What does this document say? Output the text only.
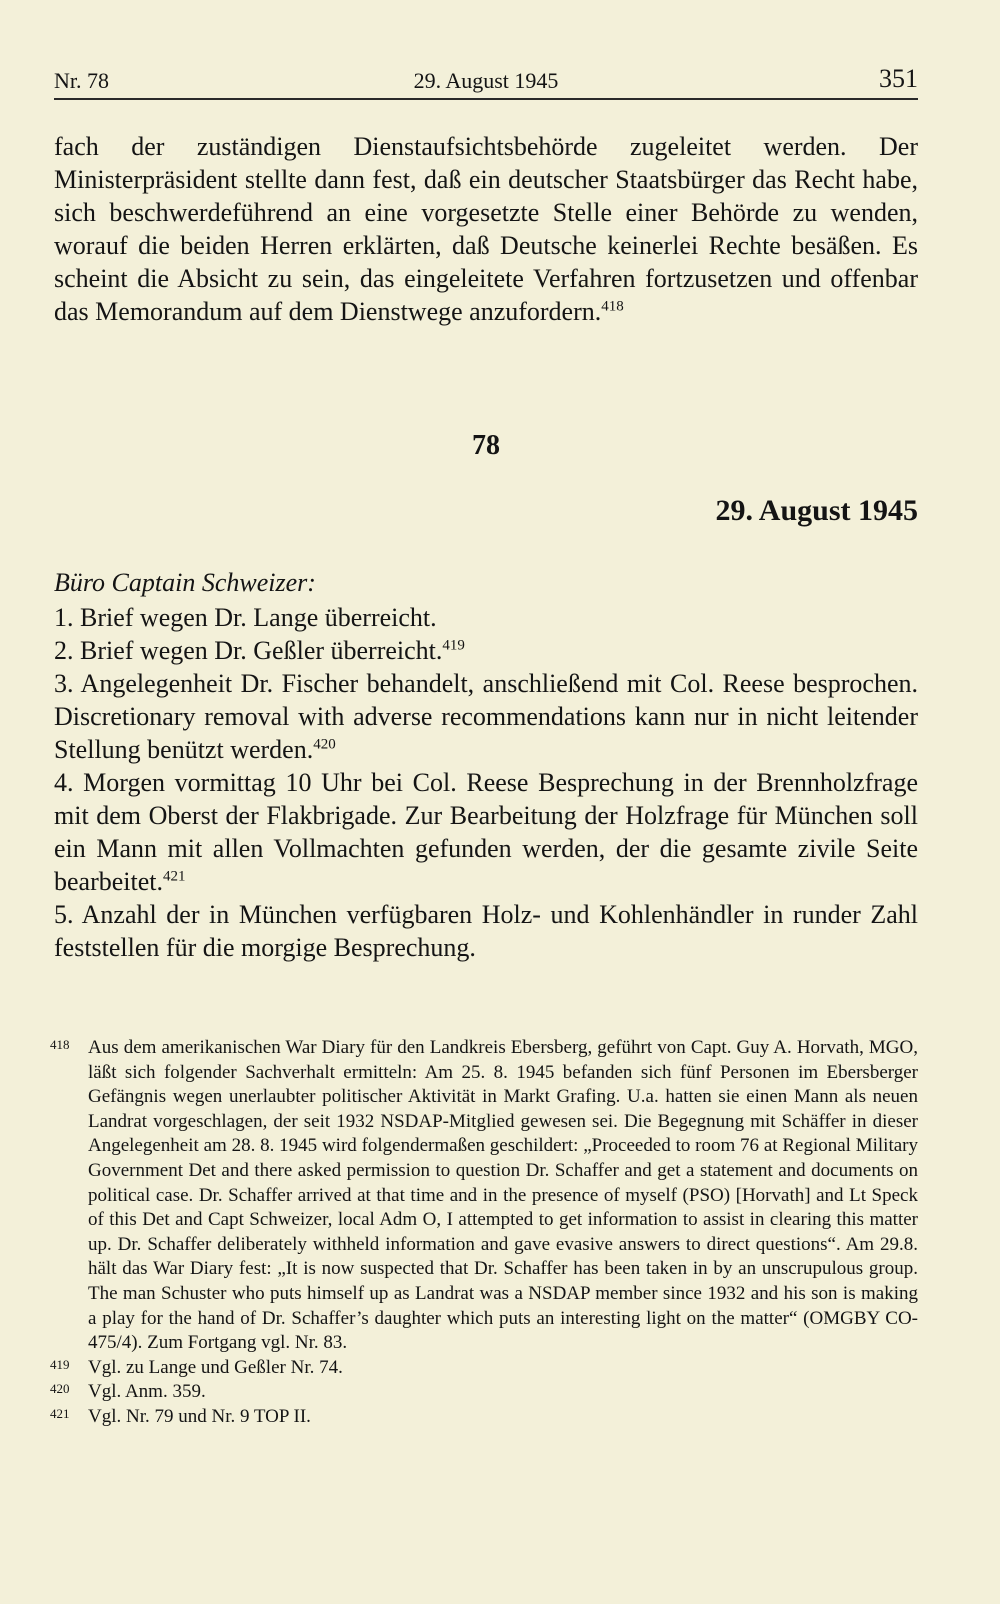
Nr. 78	29. August 1945	351

fach der zuständigen Dienstaufsichtsbehörde zugeleitet werden. Der Ministerpräsident stellte dann fest, daß ein deutscher Staatsbürger das Recht habe, sich beschwerdeführend an eine vorgesetzte Stelle einer Behörde zu wenden, worauf die beiden Herren erklärten, daß Deutsche keinerlei Rechte besäßen. Es scheint die Absicht zu sein, das eingeleitete Verfahren fortzusetzen und offenbar das Memorandum auf dem Dienstwege anzufordern.$^{418}$

78
29. August 1945

Büro Captain Schweizer:

1. Brief wegen Dr. Lange überreicht.

2. Brief wegen Dr. Geßler überreicht.$^{419}$

3. Angelegenheit Dr. Fischer behandelt, anschließend mit Col. Reese besprochen. Discretionary removal with adverse recommendations kann nur in nicht leitender Stellung benützt werden.$^{420}$

4. Morgen vormittag 10 Uhr bei Col. Reese Besprechung in der Brennholzfrage mit dem Oberst der Flakbrigade. Zur Bearbeitung der Holzfrage für München soll ein Mann mit allen Vollmachten gefunden werden, der die gesamte zivile Seite bearbeitet.$^{421}$

5. Anzahl der in München verfügbaren Holz- und Kohlenhändler in runder Zahl feststellen für die morgige Besprechung.

418 Aus dem amerikanischen War Diary für den Landkreis Ebersberg, geführt von Capt. Guy A. Horvath, MGO, läßt sich folgender Sachverhalt ermitteln: Am 25. 8. 1945 befanden sich fünf Personen im Ebersberger Gefängnis wegen unerlaubter politischer Aktivität in Markt Grafing. U.a. hatten sie einen Mann als neuen Landrat vorgeschlagen, der seit 1932 NSDAP-Mitglied gewesen sei. Die Begegnung mit Schäffer in dieser Angelegenheit am 28. 8. 1945 wird folgendermaßen geschildert: „Proceeded to room 76 at Regional Military Government Det and there asked permission to question Dr. Schaffer and get a statement and documents on political case. Dr. Schaffer arrived at that time and in the presence of myself (PSO) [Horvath] and Lt Speck of this Det and Capt Schweizer, local Adm O, I attempted to get information to assist in clearing this matter up. Dr. Schaffer deliberately withheld information and gave evasive answers to direct questions“. Am 29.8. hält das War Diary fest: „It is now suspected that Dr. Schaffer has been taken in by an unscrupulous group. The man Schuster who puts himself up as Landrat was a NSDAP member since 1932 and his son is making a play for the hand of Dr. Schaffer’s daughter which puts an interesting light on the matter“ (OMGBY CO-475/4). Zum Fortgang vgl. Nr. 83.

419 Vgl. zu Lange und Geßler Nr. 74.

420 Vgl. Anm. 359.

421 Vgl. Nr. 79 und Nr. 9 TOP II.
